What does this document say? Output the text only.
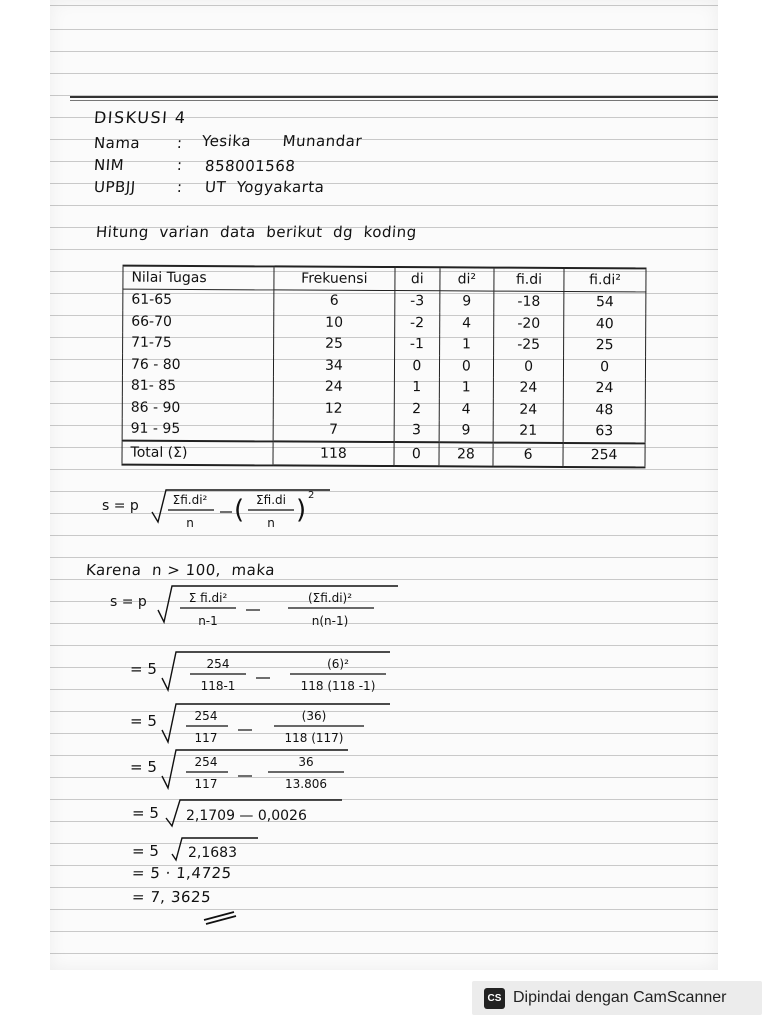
DISKUSI 4
Nama : Yesika      Munandar
NIM	: 858001568
UPBJJ	: UT  Yogyakarta
Hitung  varian  data  berikut  dg  koding
Nilai Tugas	Frekuensi	di	di²	fi.di	fi.di²
61-65	6	-3	9	-18	54
66-70	10	-2	4	-20	40
71-75	25	-1	1	-25	25
76 - 80	34	0	0	0	0
81- 85	24	1	1	24	24
86 - 90	12	2	4	24	48
91 - 95	7	3	9	21	63
Total (Σ)	118	0	28	6	254
s = p	Σfi.di²
n ( Σfi.di
n ) 2
Karena  n > 100,  maka
s = p	Σ fi.di²
n-1
(Σfi.di)²
n(n-1)
= 5	254
118-1
(6)²
118 (118 -1)
= 5	254
117
(36)
118 (117)
= 5	254
117
36
13.806
= 5 2,1709 — 0,0026
= 5 2,1683
= 5 · 1,4725
= 7, 3625
CS Dipindai dengan CamScanner
